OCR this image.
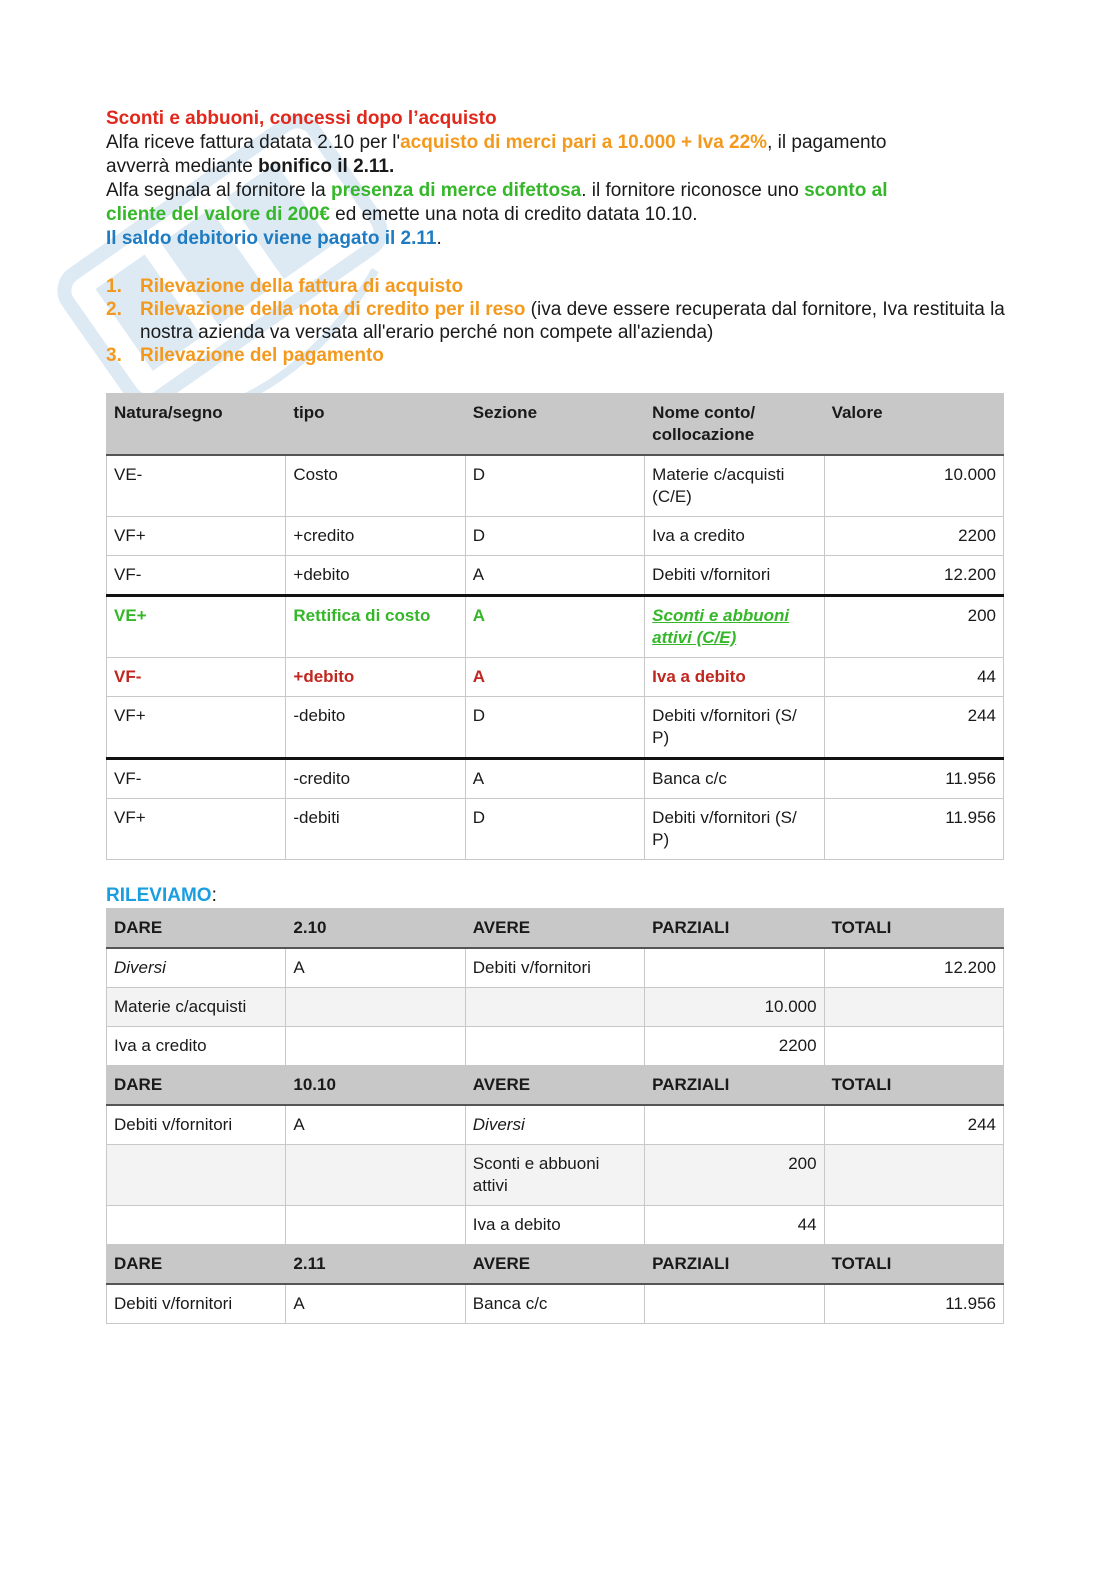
Sconti e abbuoni, concessi dopo l’acquisto
Alfa riceve fattura datata 2.10 per l'acquisto di merci pari a 10.000 + Iva 22%, il pagamento
avverrà mediante bonifico il 2.11.
Alfa segnala al fornitore la presenza di merce difettosa. il fornitore riconosce uno sconto al
cliente del valore di 200€ ed emette una nota di credito datata 10.10.
Il saldo debitorio viene pagato il 2.11.

1. Rilevazione della fattura di acquisto
2. Rilevazione della nota di credito per il reso (iva deve essere recuperata dal fornitore, Iva restituita la nostra azienda va versata all'erario perché non compete all'azienda)
3. Rilevazione del pagamento
Natura/segno	tipo	Sezione	Nome conto/ collocazione	Valore
VE-	Costo	D	Materie c/acquisti (C/E)	10.000
VF+	+credito	D	Iva a credito	2200
VF-	+debito	A	Debiti v/fornitori	12.200
VE+	Rettifica di costo	A	Sconti e abbuoni attivi (C/E)	200
VF-	+debito	A	Iva a debito	44
VF+	-debito	D	Debiti v/fornitori (S/ P)	244
VF-	-credito	A	Banca c/c	11.956
VF+	-debiti	D	Debiti v/fornitori (S/ P)	11.956
RILEVIAMO:
DARE	2.10	AVERE	PARZIALI	TOTALI
Diversi	A	Debiti v/fornitori		12.200
Materie c/acquisti			10.000	
Iva a credito			2200	
DARE	10.10	AVERE	PARZIALI	TOTALI
Debiti v/fornitori	A	Diversi		244
		Sconti e abbuoni attivi	200	
		Iva a debito	44	
DARE	2.11	AVERE	PARZIALI	TOTALI
Debiti v/fornitori	A	Banca c/c		11.956
